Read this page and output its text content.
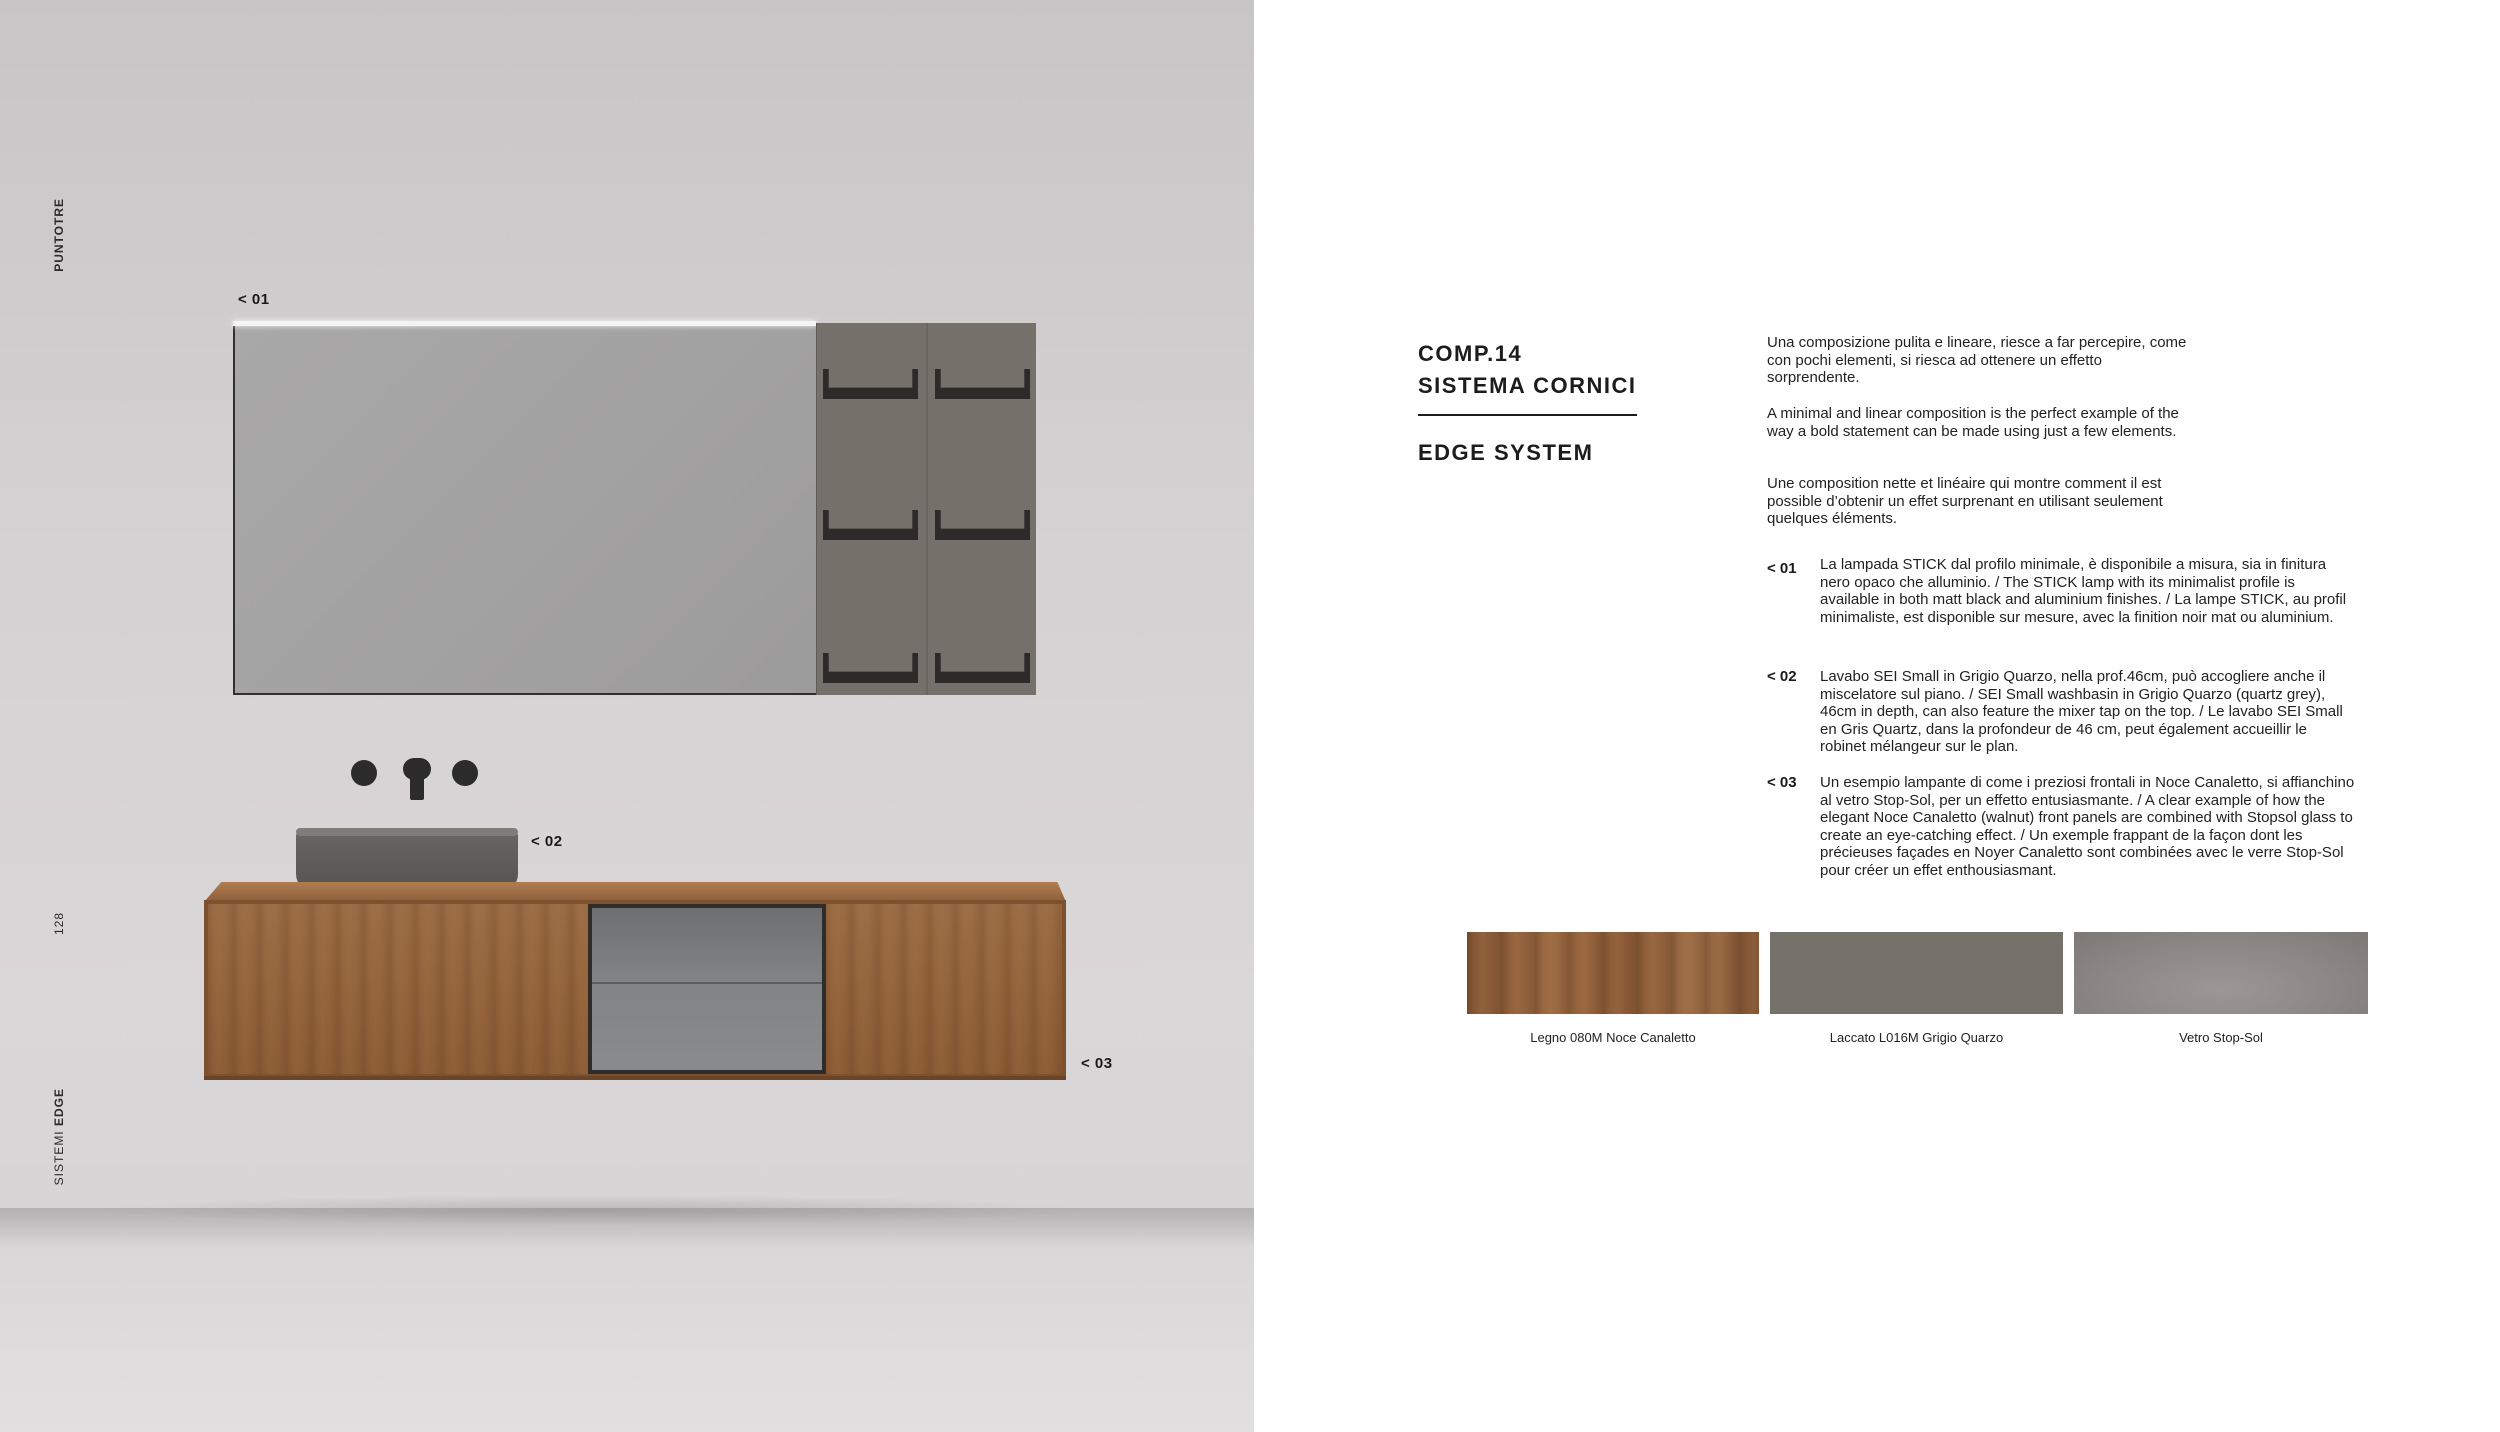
< 01
< 02
< 03
PUNTOTRE
128
SISTEMI EDGE
COMP.14
SISTEMA CORNICI
EDGE SYSTEM
Una composizione pulita e lineare, riesce a far percepire, come con pochi elementi, si riesca ad ottenere un effetto sorprendente.
A minimal and linear composition is the perfect example of the way a bold statement can be made using just a few elements.
Une composition nette et linéaire qui montre comment il est possible d’obtenir un effet surprenant en utilisant seulement quelques éléments.
< 01 La lampada STICK dal profilo minimale, è disponibile a misura, sia in finitura nero opaco che alluminio. / The STICK lamp with its minimalist profile is available in both matt black and aluminium finishes. / La lampe STICK, au profil minimaliste, est disponible sur mesure, avec la finition noir mat ou aluminium.
< 02 Lavabo SEI Small in Grigio Quarzo, nella prof.46cm, può accogliere anche il miscelatore sul piano. / SEI Small washbasin in Grigio Quarzo (quartz grey), 46cm in depth, can also feature the mixer tap on the top. / Le lavabo SEI Small en Gris Quartz, dans la profondeur de 46 cm, peut également accueillir le robinet mélangeur sur le plan.
< 03 Un esempio lampante di come i preziosi frontali in Noce Canaletto, si affianchino al vetro Stop-Sol, per un effetto entusiasmante. / A clear example of how the elegant Noce Canaletto (walnut) front panels are combined with Stopsol glass to create an eye-catching effect. / Un exemple frappant de la façon dont les précieuses façades en Noyer Canaletto sont combinées avec le verre Stop-Sol pour créer un effet enthousiasmant.
Legno 080M Noce Canaletto	Laccato L016M Grigio Quarzo	Vetro Stop-Sol
